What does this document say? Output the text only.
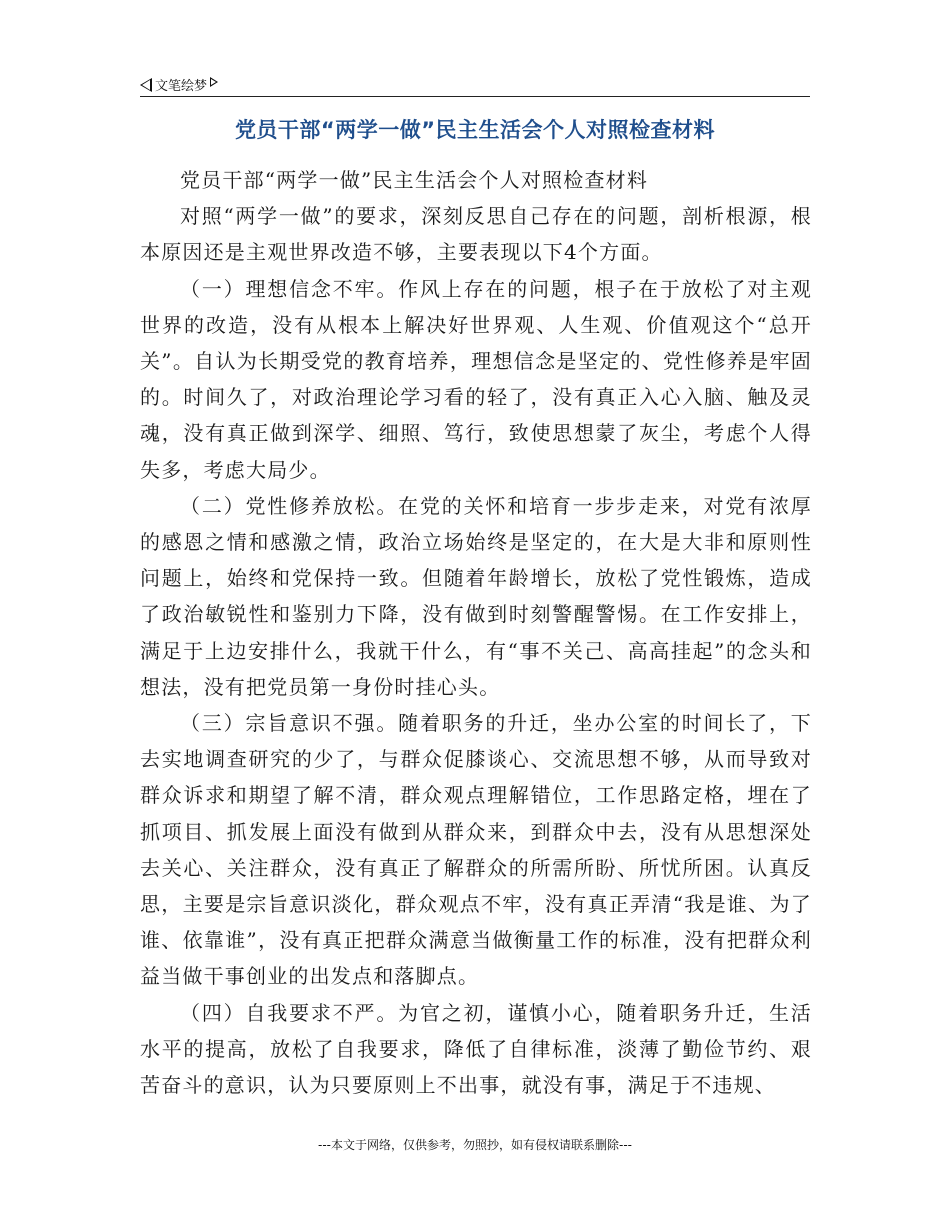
文笔绘梦
党员干部“两学一做”民主生活会个人对照检查材料

党员干部“两学一做”民主生活会个人对照检查材料

对照“两学一做”的要求，深刻反思自己存在的问题，剖析根源，根本原因还是主观世界改造不够，主要表现以下4个方面。

（一）理想信念不牢。作风上存在的问题，根子在于放松了对主观世界的改造，没有从根本上解决好世界观、人生观、价值观这个“总开关”。自认为长期受党的教育培养，理想信念是坚定的、党性修养是牢固的。时间久了，对政治理论学习看的轻了，没有真正入心入脑、触及灵魂，没有真正做到深学、细照、笃行，致使思想蒙了灰尘，考虑个人得失多，考虑大局少。

（二）党性修养放松。在党的关怀和培育一步步走来，对党有浓厚的感恩之情和感激之情，政治立场始终是坚定的，在大是大非和原则性问题上，始终和党保持一致。但随着年龄增长，放松了党性锻炼，造成了政治敏锐性和鉴别力下降，没有做到时刻警醒警惕。在工作安排上，满足于上边安排什么，我就干什么，有“事不关己、高高挂起”的念头和想法，没有把党员第一身份时挂心头。

（三）宗旨意识不强。随着职务的升迁，坐办公室的时间长了，下去实地调查研究的少了，与群众促膝谈心、交流思想不够，从而导致对群众诉求和期望了解不清，群众观点理解错位，工作思路定格，埋在了抓项目、抓发展上面没有做到从群众来，到群众中去，没有从思想深处去关心、关注群众，没有真正了解群众的所需所盼、所忧所困。认真反思，主要是宗旨意识淡化，群众观点不牢，没有真正弄清“我是谁、为了谁、依靠谁”，没有真正把群众满意当做衡量工作的标准，没有把群众利益当做干事创业的出发点和落脚点。

（四）自我要求不严。为官之初，谨慎小心，随着职务升迁，生活水平的提高，放松了自我要求，降低了自律标准，淡薄了勤俭节约、艰苦奋斗的意识，认为只要原则上不出事，就没有事，满足于不违规、

---本文于网络，仅供参考，勿照抄，如有侵权请联系删除---
